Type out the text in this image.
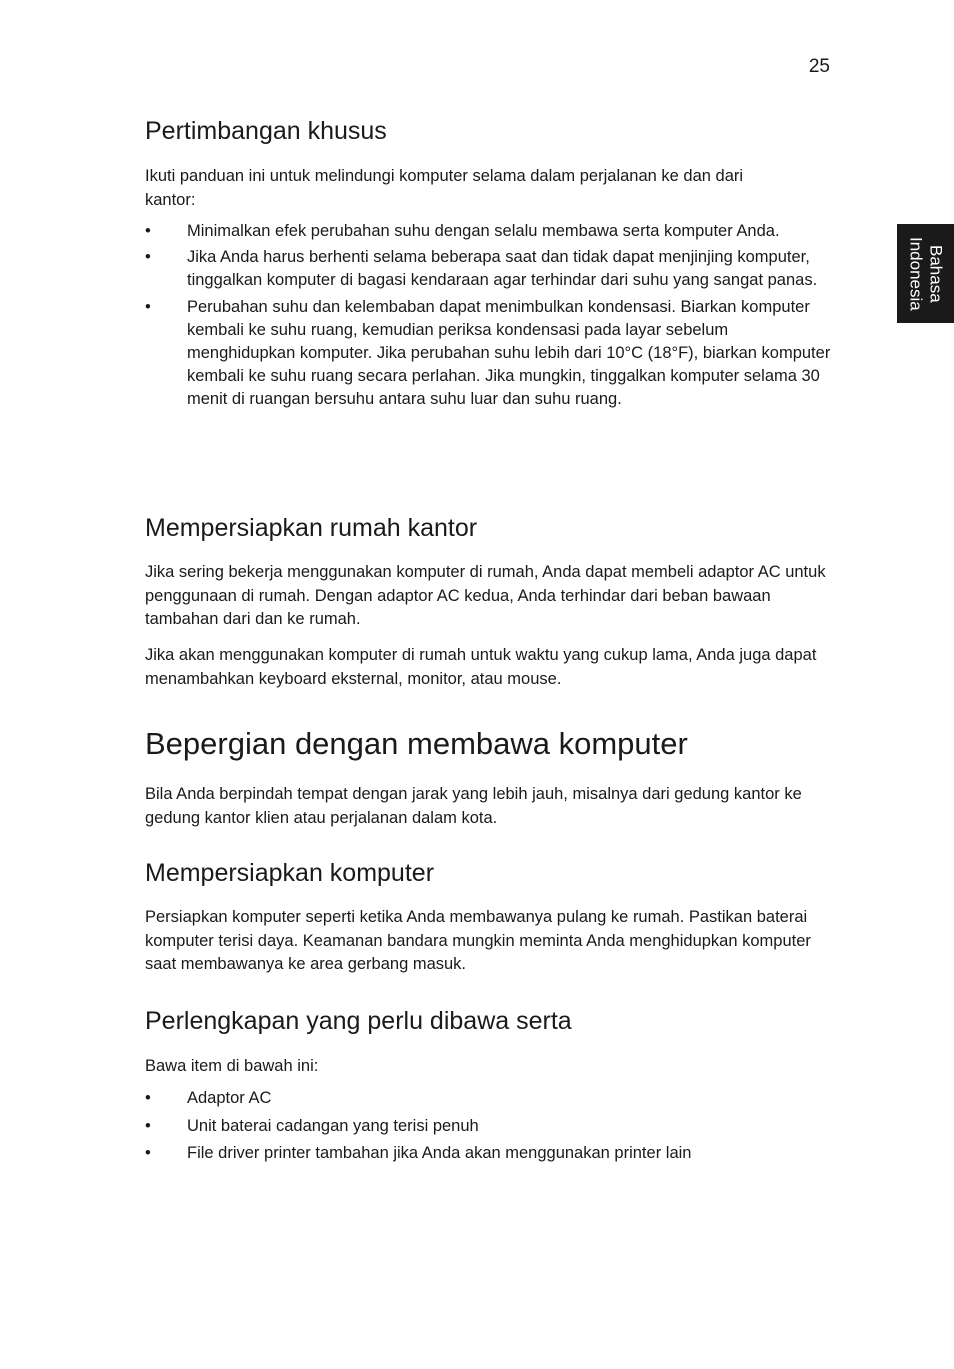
25
Bahasa Indonesia
Pertimbangan khusus

Ikuti panduan ini untuk melindungi komputer selama dalam perjalanan ke dan dari kantor:

• Minimalkan efek perubahan suhu dengan selalu membawa serta komputer Anda.
• Jika Anda harus berhenti selama beberapa saat dan tidak dapat menjinjing komputer, tinggalkan komputer di bagasi kendaraan agar terhindar dari suhu yang sangat panas.
• Perubahan suhu dan kelembaban dapat menimbulkan kondensasi. Biarkan komputer kembali ke suhu ruang, kemudian periksa kondensasi pada layar sebelum menghidupkan komputer. Jika perubahan suhu lebih dari 10°C (18°F), biarkan komputer kembali ke suhu ruang secara perlahan. Jika mungkin, tinggalkan komputer selama 30 menit di ruangan bersuhu antara suhu luar dan suhu ruang.
Mempersiapkan rumah kantor

Jika sering bekerja menggunakan komputer di rumah, Anda dapat membeli adaptor AC untuk penggunaan di rumah. Dengan adaptor AC kedua, Anda terhindar dari beban bawaan tambahan dari dan ke rumah.

Jika akan menggunakan komputer di rumah untuk waktu yang cukup lama, Anda juga dapat menambahkan keyboard eksternal, monitor, atau mouse.

Bepergian dengan membawa komputer

Bila Anda berpindah tempat dengan jarak yang lebih jauh, misalnya dari gedung kantor ke gedung kantor klien atau perjalanan dalam kota.

Mempersiapkan komputer

Persiapkan komputer seperti ketika Anda membawanya pulang ke rumah. Pastikan baterai komputer terisi daya. Keamanan bandara mungkin meminta Anda menghidupkan komputer saat membawanya ke area gerbang masuk.

Perlengkapan yang perlu dibawa serta

Bawa item di bawah ini:

• Adaptor AC
• Unit baterai cadangan yang terisi penuh
• File driver printer tambahan jika Anda akan menggunakan printer lain
